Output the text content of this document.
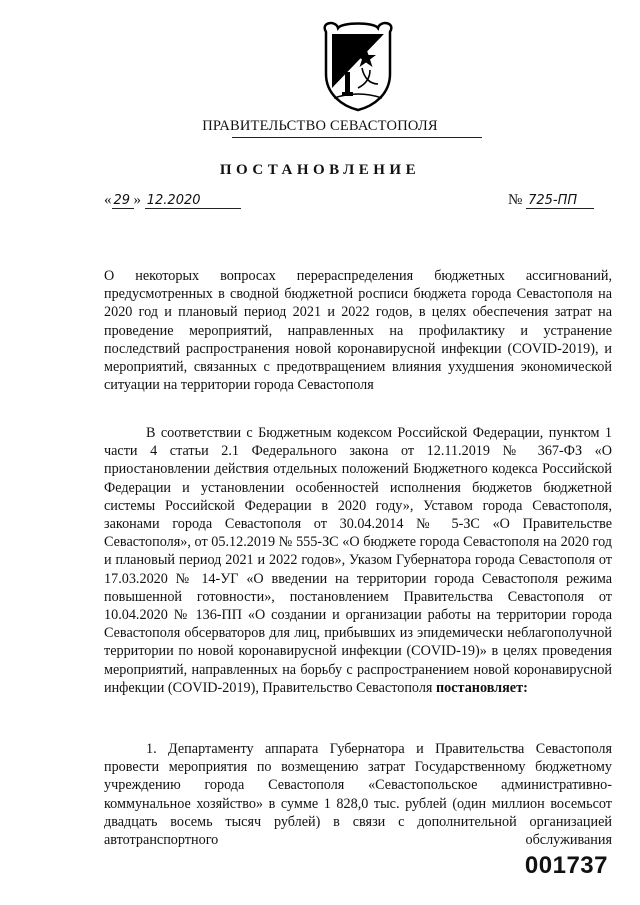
ПРАВИТЕЛЬСТВО СЕВАСТОПОЛЯ
ПОСТАНОВЛЕНИЕ
« 29 » 12.2020	№ 725-ПП
О некоторых вопросах перераспределения бюджетных ассигнований, предусмотренных в сводной бюджетной росписи бюджета города Севастополя на 2020 год и плановый период 2021 и 2022 годов, в целях обеспечения затрат на проведение мероприятий, направленных на профилактику и устранение последствий распространения новой коронавирусной инфекции (COVID-2019), и мероприятий, связанных с предотвращением влияния ухудшения экономической ситуации на территории города Севастополя
В соответствии с Бюджетным кодексом Российской Федерации, пунктом 1 части 4 статьи 2.1 Федерального закона от 12.11.2019 № 367-ФЗ «О приостановлении действия отдельных положений Бюджетного кодекса Российской Федерации и установлении особенностей исполнения бюджетов бюджетной системы Российской Федерации в 2020 году», Уставом города Севастополя, законами города Севастополя от 30.04.2014 № 5-ЗС «О Правительстве Севастополя», от 05.12.2019 № 555-ЗС «О бюджете города Севастополя на 2020 год и плановый период 2021 и 2022 годов», Указом Губернатора города Севастополя от 17.03.2020 № 14-УГ «О введении на территории города Севастополя режима повышенной готовности», постановлением Правительства Севастополя от 10.04.2020 № 136-ПП «О создании и организации работы на территории города Севастополя обсерваторов для лиц, прибывших из эпидемически неблагополучной территории по новой коронавирусной инфекции (COVID-19)» в целях проведения мероприятий, направленных на борьбу с распространением новой коронавирусной инфекции (COVID-2019), Правительство Севастополя постановляет:
1. Департаменту аппарата Губернатора и Правительства Севастополя провести мероприятия по возмещению затрат Государственному бюджетному учреждению города Севастополя «Севастопольское административно-коммунальное хозяйство» в сумме 1 828,0 тыс. рублей (один миллион восемьсот двадцать восемь тысяч рублей) в связи с дополнительной организацией автотранспортного обслуживания
001737
